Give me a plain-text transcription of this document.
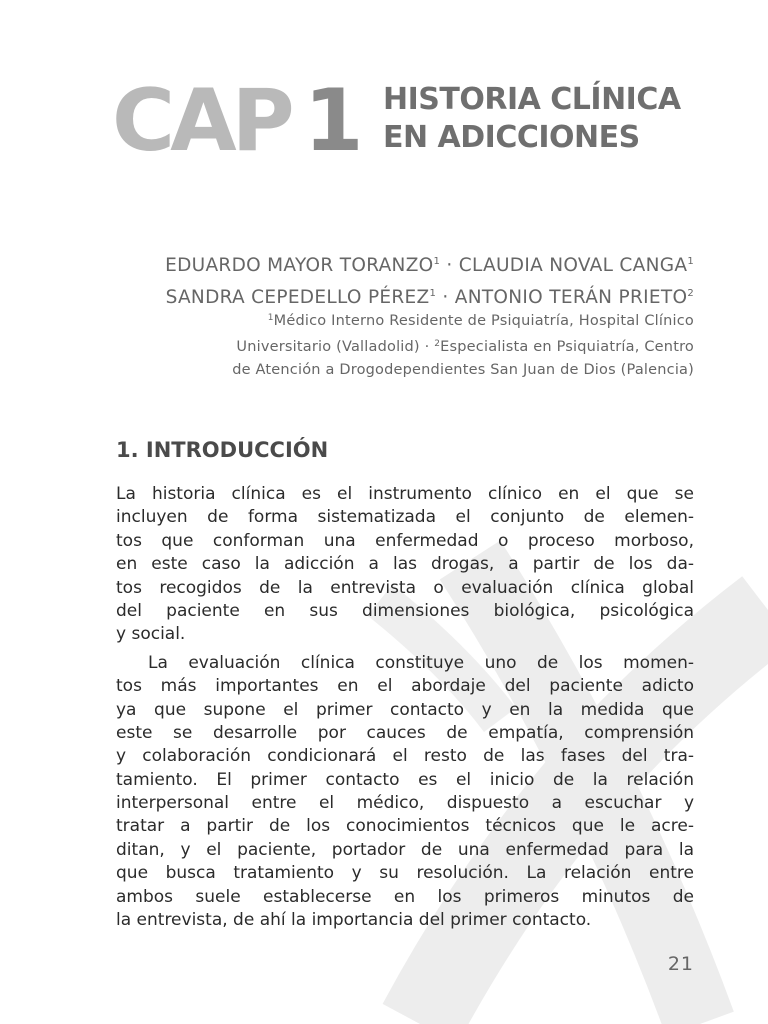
CAP 1 HISTORIA CLÍNICA
EN ADICCIONES
EDUARDO MAYOR $TORANZO^1$ · CLAUDIA NOVAL CANGA$^1$
SANDRA CEPEDELLO $PÉREZ^1$ · ANTONIO TERÁN PRIETO$^2$
$^1$Médico Interno Residente de Psiquiatría, Hospital Clínico
Universitario (Valladolid) · $^2$Especialista en Psiquiatría, Centro
de Atención a Drogodependientes San Juan de Dios (Palencia)
1. INTRODUCCIÓN
La historia clínica es el instrumento clínico en el que se
incluyen de forma sistematizada el conjunto de elemen-
tos que conforman una enfermedad o proceso morboso,
en este caso la adicción a las drogas, a partir de los da-
tos recogidos de la entrevista o evaluación clínica global
del paciente en sus dimensiones biológica, psicológica
y social.
La evaluación clínica constituye uno de los momen-
tos más importantes en el abordaje del paciente adicto
ya que supone el primer contacto y en la medida que
este se desarrolle por cauces de empatía, comprensión
y colaboración condicionará el resto de las fases del tra-
tamiento. El primer contacto es el inicio de la relación
interpersonal entre el médico, dispuesto a escuchar y
tratar a partir de los conocimientos técnicos que le acre-
ditan, y el paciente, portador de una enfermedad para la
que busca tratamiento y su resolución. La relación entre
ambos suele establecerse en los primeros minutos de
la entrevista, de ahí la importancia del primer contacto.
21
